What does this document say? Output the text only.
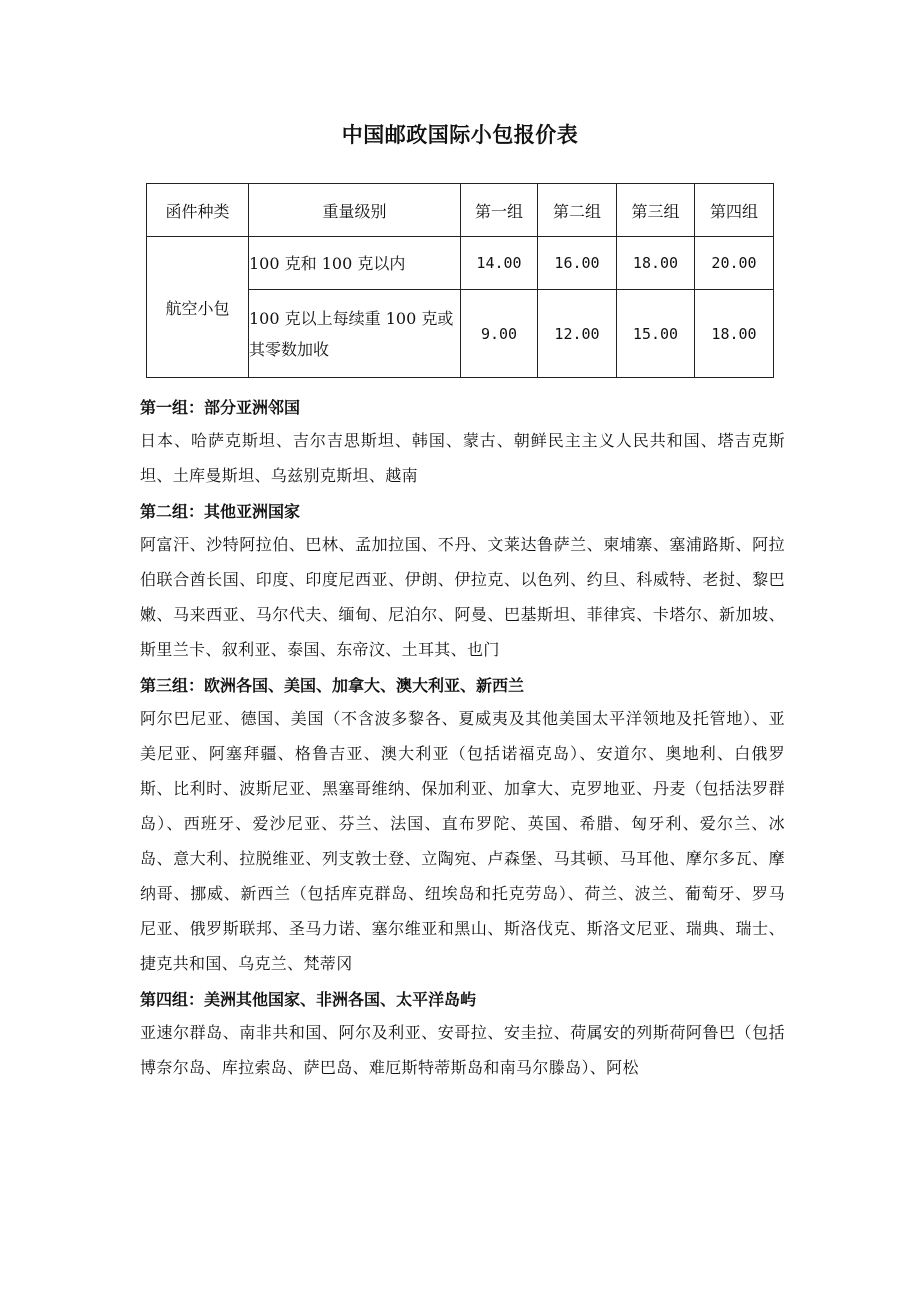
中国邮政国际小包报价表
函件种类	重量级别	第一组	第二组	第三组	第四组
航空小包	100 克和 100 克以内	14.00	16.00	18.00	20.00
	100 克以上每续重 100 克或其零数加收	9.00	12.00	15.00	18.00

第一组：部分亚洲邻国

日本、哈萨克斯坦、吉尔吉思斯坦、韩国、蒙古、朝鲜民主主义人民共和国、塔吉克斯坦、土库曼斯坦、乌兹别克斯坦、越南

第二组：其他亚洲国家

阿富汗、沙特阿拉伯、巴林、孟加拉国、不丹、文莱达鲁萨兰、柬埔寨、塞浦路斯、阿拉伯联合酋长国、印度、印度尼西亚、伊朗、伊拉克、以色列、约旦、科威特、老挝、黎巴嫩、马来西亚、马尔代夫、缅甸、尼泊尔、阿曼、巴基斯坦、菲律宾、卡塔尔、新加坡、斯里兰卡、叙利亚、泰国、东帝汶、土耳其、也门

第三组：欧洲各国、美国、加拿大、澳大利亚、新西兰

阿尔巴尼亚、德国、美国（不含波多黎各、夏威夷及其他美国太平洋领地及托管地）、亚美尼亚、阿塞拜疆、格鲁吉亚、澳大利亚（包括诺福克岛）、安道尔、奥地利、白俄罗斯、比利时、波斯尼亚、黑塞哥维纳、保加利亚、加拿大、克罗地亚、丹麦（包括法罗群岛）、西班牙、爱沙尼亚、芬兰、法国、直布罗陀、英国、希腊、匈牙利、爱尔兰、冰岛、意大利、拉脱维亚、列支敦士登、立陶宛、卢森堡、马其顿、马耳他、摩尔多瓦、摩纳哥、挪威、新西兰（包括库克群岛、纽埃岛和托克劳岛）、荷兰、波兰、葡萄牙、罗马尼亚、俄罗斯联邦、圣马力诺、塞尔维亚和黑山、斯洛伐克、斯洛文尼亚、瑞典、瑞士、捷克共和国、乌克兰、梵蒂冈

第四组：美洲其他国家、非洲各国、太平洋岛屿

亚速尔群岛、南非共和国、阿尔及利亚、安哥拉、安圭拉、荷属安的列斯荷阿鲁巴（包括博奈尔岛、库拉索岛、萨巴岛、难厄斯特蒂斯岛和南马尔滕岛）、阿松
